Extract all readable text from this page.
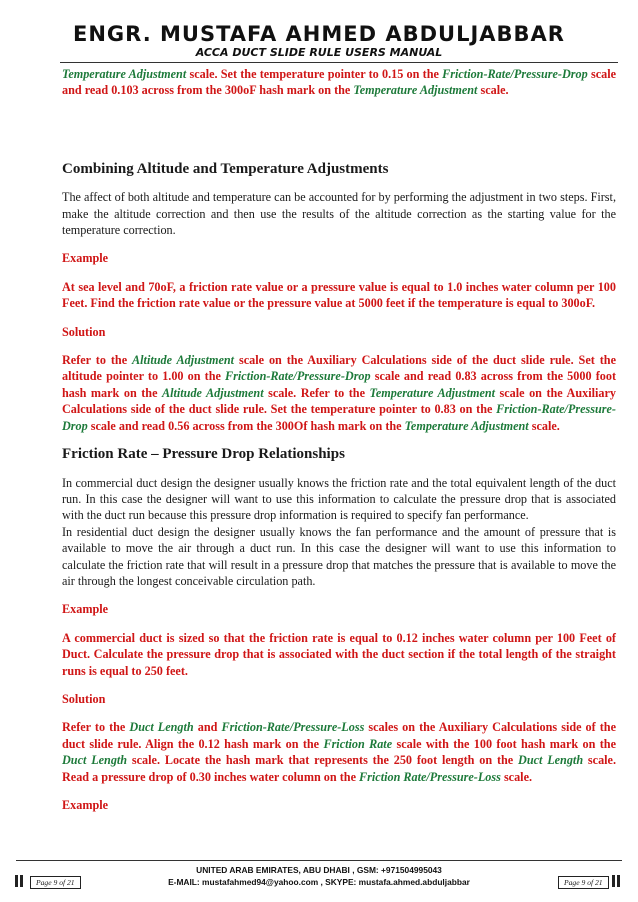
ENGR. MUSTAFA AHMED ABDULJABBAR
ACCA DUCT SLIDE RULE USERS MANUAL

Temperature Adjustment scale. Set the temperature pointer to 0.15 on the Friction-Rate/Pressure-Drop scale and read 0.103 across from the 300oF hash mark on the Temperature Adjustment scale.

Combining Altitude and Temperature Adjustments

The affect of both altitude and temperature can be accounted for by performing the adjustment in two steps. First, make the altitude correction and then use the results of the altitude correction as the starting value for the temperature correction.

Example

At sea level and 70oF, a friction rate value or a pressure value is equal to 1.0 inches water column per 100 Feet. Find the friction rate value or the pressure value at 5000 feet if the temperature is equal to 300oF.

Solution

Refer to the Altitude Adjustment scale on the Auxiliary Calculations side of the duct slide rule. Set the altitude pointer to 1.00 on the Friction-Rate/Pressure-Drop scale and read 0.83 across from the 5000 foot hash mark on the Altitude Adjustment scale. Refer to the Temperature Adjustment scale on the Auxiliary Calculations side of the duct slide rule. Set the temperature pointer to 0.83 on the Friction-Rate/Pressure-Drop scale and read 0.56 across from the 300Of hash mark on the Temperature Adjustment scale.

Friction Rate – Pressure Drop Relationships

In commercial duct design the designer usually knows the friction rate and the total equivalent length of the duct run. In this case the designer will want to use this information to calculate the pressure drop that is associated with the duct run because this pressure drop information is required to specify fan performance.

In residential duct design the designer usually knows the fan performance and the amount of pressure that is available to move the air through a duct run. In this case the designer will want to use this information to calculate the friction rate that will result in a pressure drop that matches the pressure that is available to move the air through the longest conceivable circulation path.

Example

A commercial duct is sized so that the friction rate is equal to 0.12 inches water column per 100 Feet of Duct. Calculate the pressure drop that is associated with the duct section if the total length of the straight runs is equal to 250 feet.

Solution

Refer to the Duct Length and Friction-Rate/Pressure-Loss scales on the Auxiliary Calculations side of the duct slide rule. Align the 0.12 hash mark on the Friction Rate scale with the 100 foot hash mark on the Duct Length scale. Locate the hash mark that represents the 250 foot length on the Duct Length scale. Read a pressure drop of 0.30 inches water column on the Friction Rate/Pressure-Loss scale.

Example

UNITED ARAB EMIRATES, ABU DHABI , GSM: +971504995043
E-MAIL: mustafahmed94@yahoo.com , SKYPE: mustafa.ahmed.abduljabbar
Page 9 of 21	Page 9 of 21
